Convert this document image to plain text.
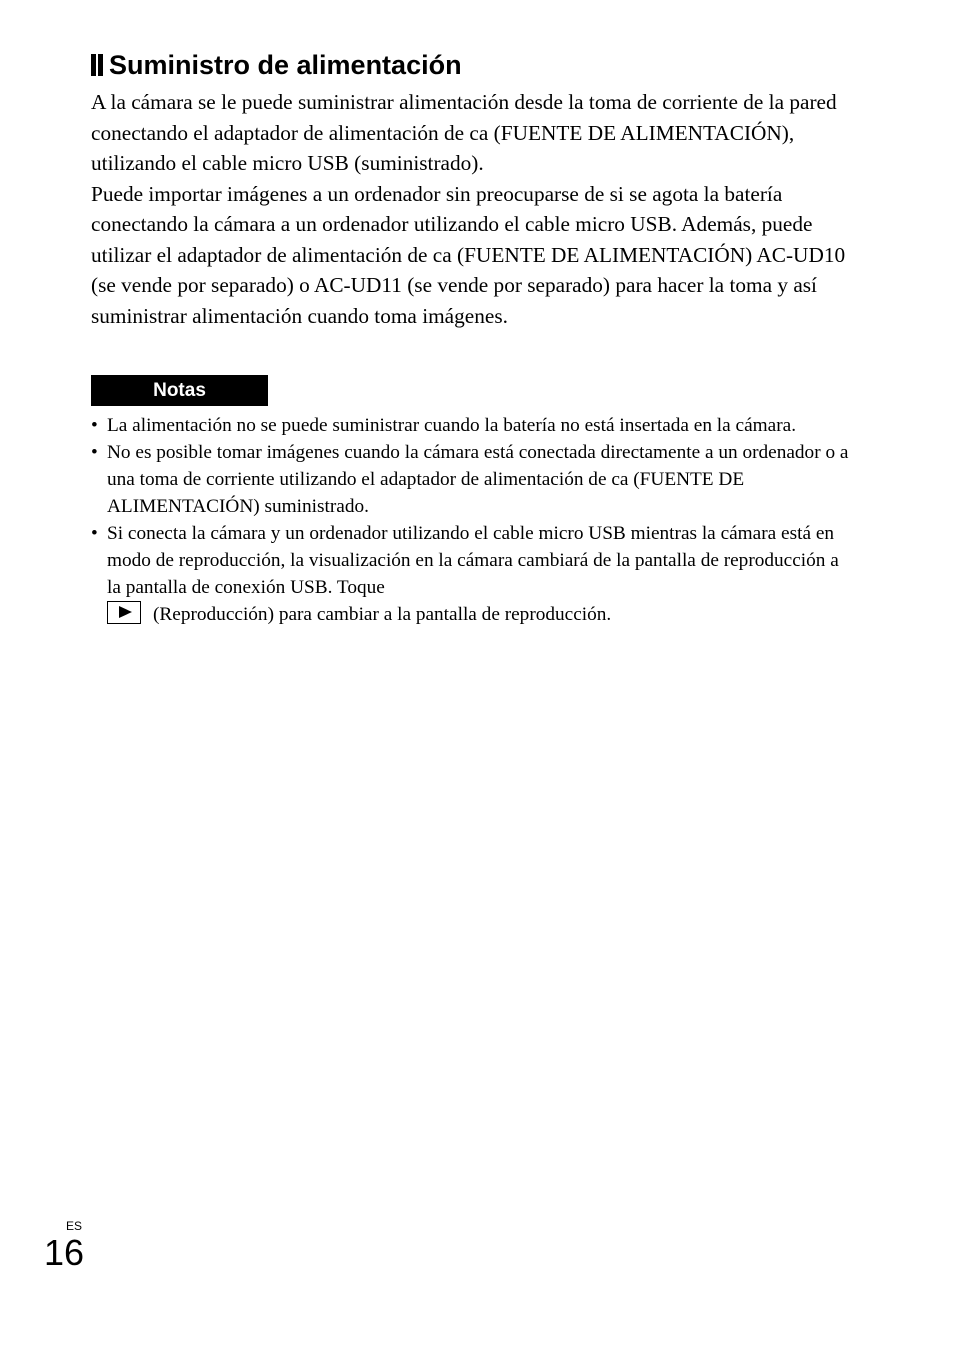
Suministro de alimentación

A la cámara se le puede suministrar alimentación desde la toma de corriente de la pared conectando el adaptador de alimentación de ca (FUENTE DE ALIMENTACIÓN), utilizando el cable micro USB (suministrado).

Puede importar imágenes a un ordenador sin preocuparse de si se agota la batería conectando la cámara a un ordenador utilizando el cable micro USB. Además, puede utilizar el adaptador de alimentación de ca (FUENTE DE ALIMENTACIÓN) AC-UD10 (se vende por separado) o AC-UD11 (se vende por separado) para hacer la toma y así suministrar alimentación cuando toma imágenes.

Notas
• La alimentación no se puede suministrar cuando la batería no está insertada en la cámara.
• No es posible tomar imágenes cuando la cámara está conectada directamente a un ordenador o a una toma de corriente utilizando el adaptador de alimentación de ca (FUENTE DE ALIMENTACIÓN) suministrado.
• Si conecta la cámara y un ordenador utilizando el cable micro USB mientras la cámara está en modo de reproducción, la visualización en la cámara cambiará de la pantalla de reproducción a la pantalla de conexión USB. Toque
(Reproducción) para cambiar a la pantalla de reproducción.
ES
16
